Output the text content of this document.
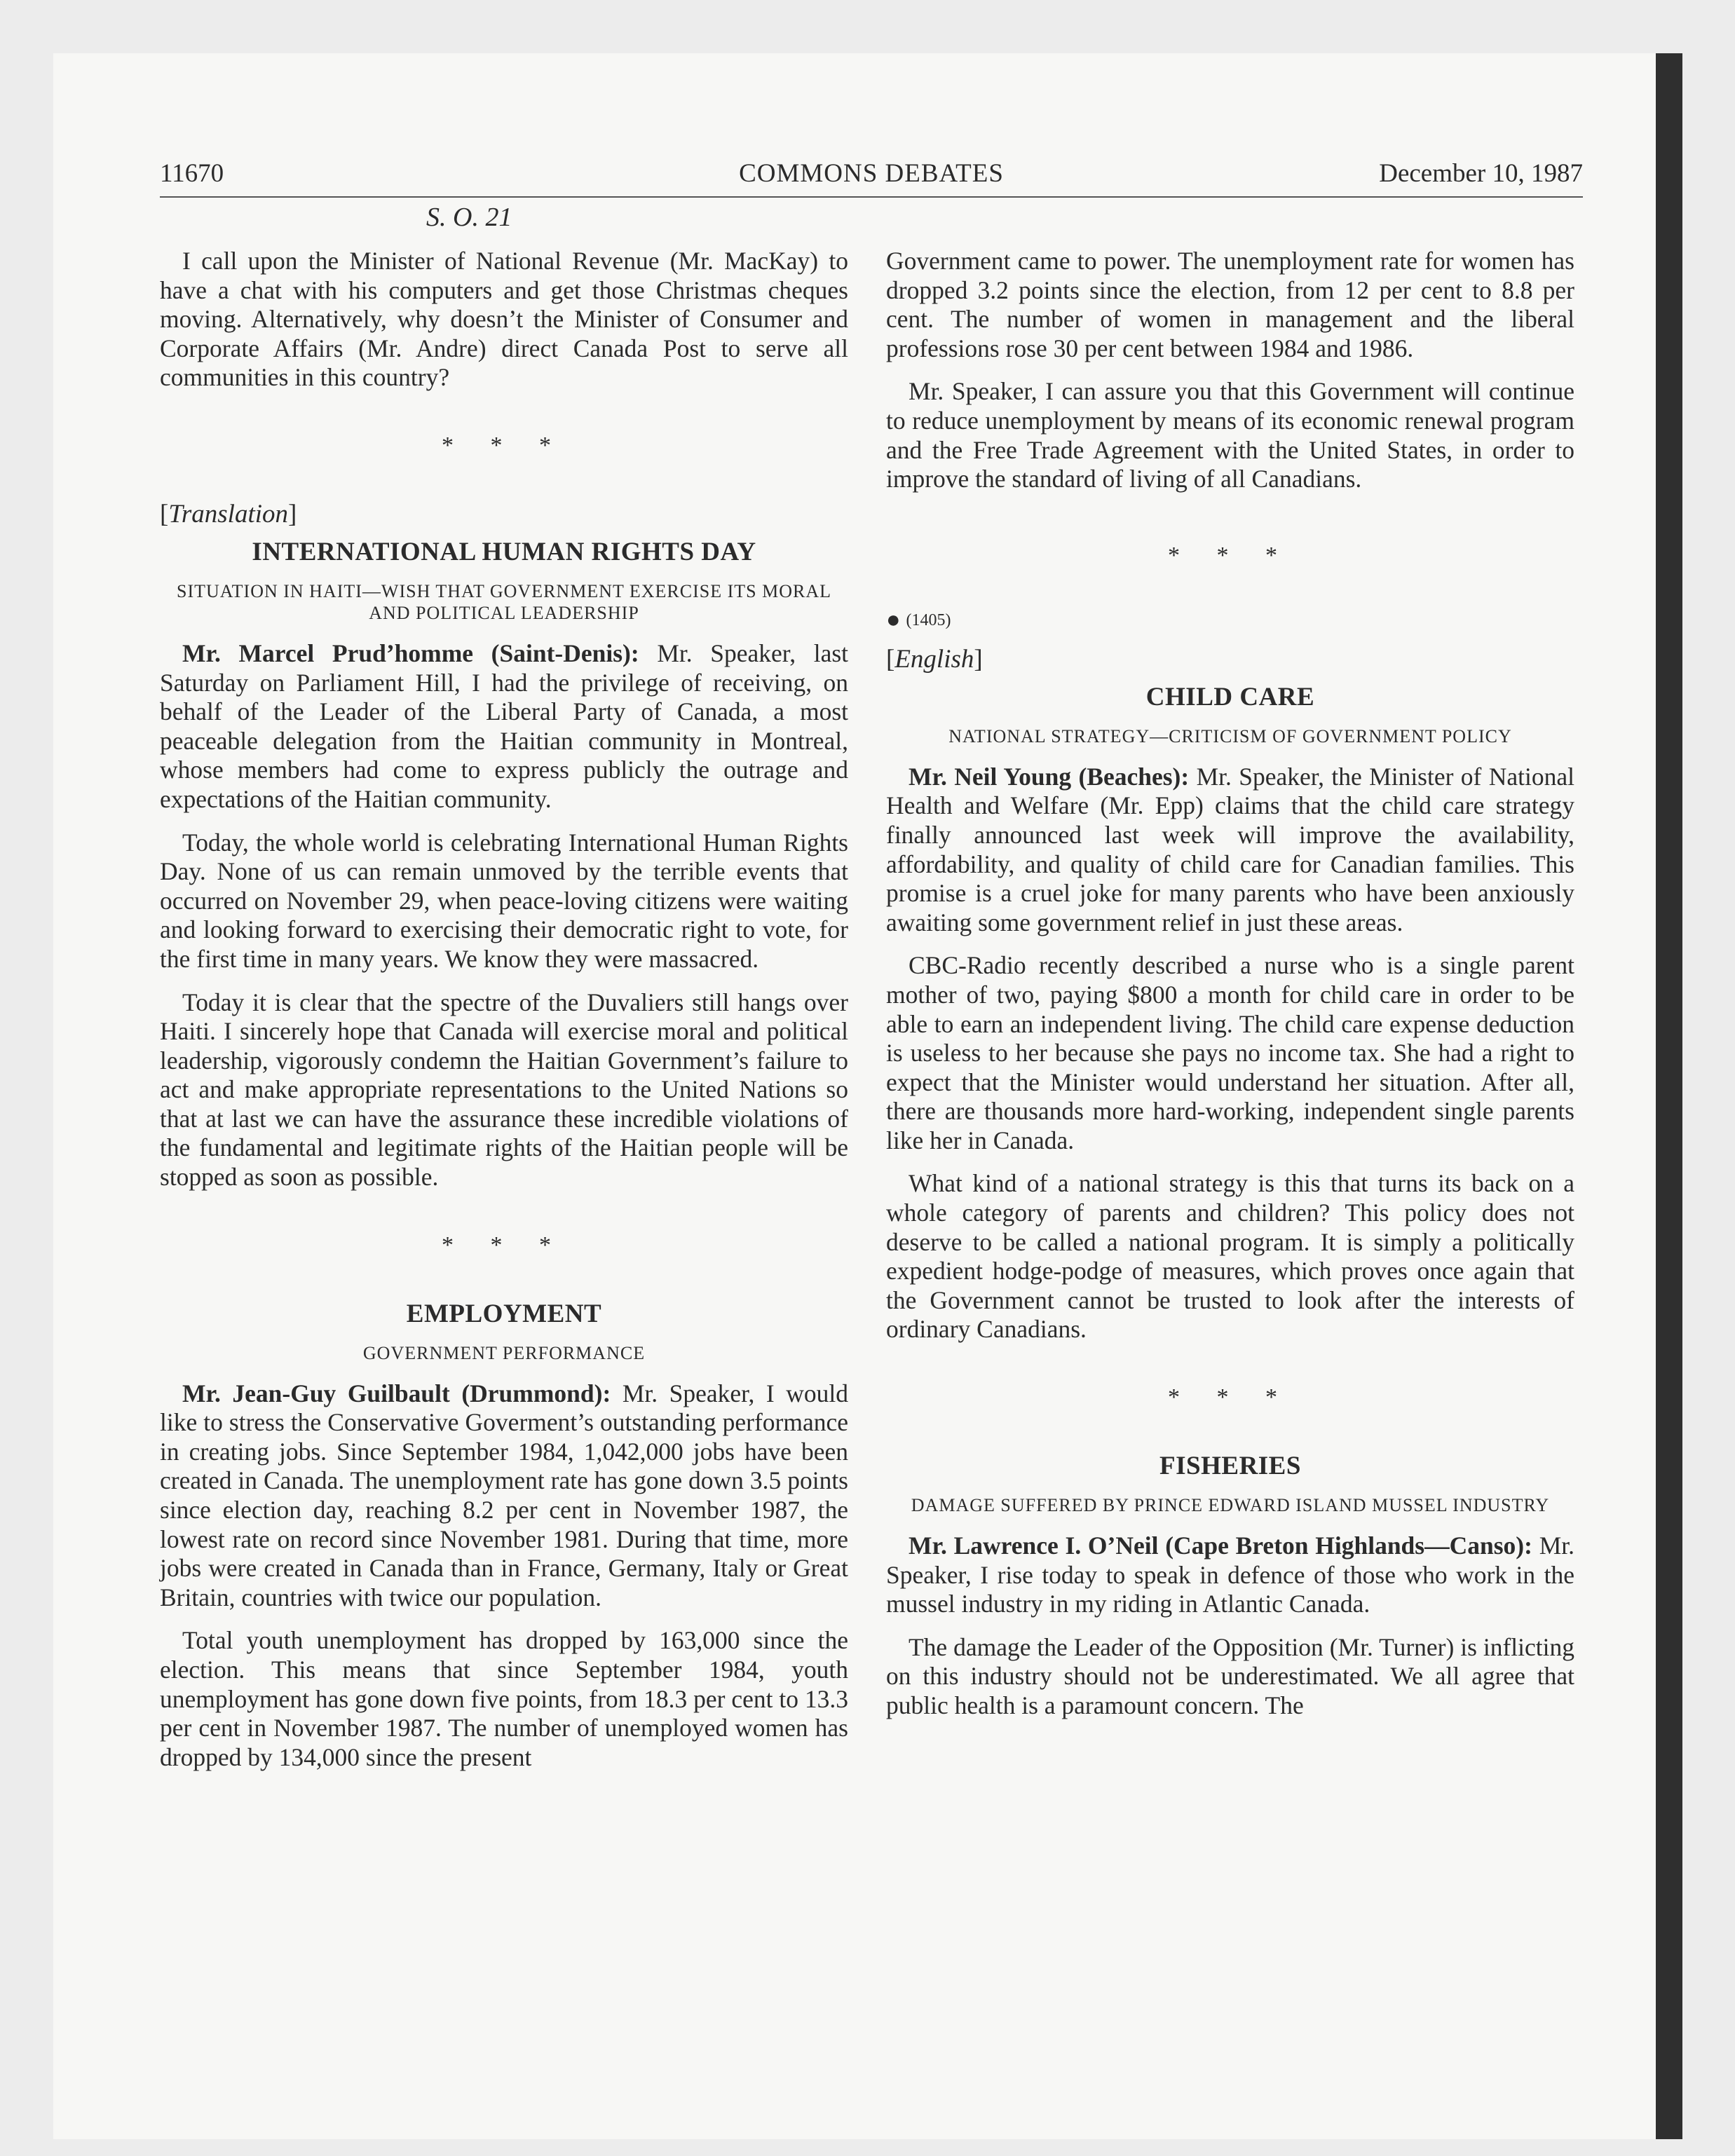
11670	COMMONS DEBATES	December 10, 1987
S. O. 21

I call upon the Minister of National Revenue (Mr. MacKay) to have a chat with his computers and get those Christmas cheques moving. Alternatively, why doesn’t the Minister of Consumer and Corporate Affairs (Mr. Andre) direct Canada Post to serve all communities in this country?

* * *
[Translation]
INTERNATIONAL HUMAN RIGHTS DAY
SITUATION IN HAITI—WISH THAT GOVERNMENT EXERCISE ITS MORAL AND POLITICAL LEADERSHIP

Mr. Marcel Prud’homme (Saint-Denis): Mr. Speaker, last Saturday on Parliament Hill, I had the privilege of receiving, on behalf of the Leader of the Liberal Party of Canada, a most peaceable delegation from the Haitian community in Montreal, whose members had come to express publicly the outrage and expectations of the Haitian community.

Today, the whole world is celebrating International Human Rights Day. None of us can remain unmoved by the terrible events that occurred on November 29, when peace-loving citizens were waiting and looking forward to exercising their democratic right to vote, for the first time in many years. We know they were massacred.

Today it is clear that the spectre of the Duvaliers still hangs over Haiti. I sincerely hope that Canada will exercise moral and political leadership, vigorously condemn the Haitian Government’s failure to act and make appropriate representations to the United Nations so that at last we can have the assurance these incredible violations of the fundamental and legitimate rights of the Haitian people will be stopped as soon as possible.

* * *
EMPLOYMENT
GOVERNMENT PERFORMANCE

Mr. Jean-Guy Guilbault (Drummond): Mr. Speaker, I would like to stress the Conservative Goverment’s outstanding performance in creating jobs. Since September 1984, 1,042,000 jobs have been created in Canada. The unemployment rate has gone down 3.5 points since election day, reaching 8.2 per cent in November 1987, the lowest rate on record since November 1981. During that time, more jobs were created in Canada than in France, Germany, Italy or Great Britain, countries with twice our population.

Total youth unemployment has dropped by 163,000 since the election. This means that since September 1984, youth unemployment has gone down five points, from 18.3 per cent to 13.3 per cent in November 1987. The number of unemployed women has dropped by 134,000 since the present

Government came to power. The unemployment rate for women has dropped 3.2 points since the election, from 12 per cent to 8.8 per cent. The number of women in management and the liberal professions rose 30 per cent between 1984 and 1986.

Mr. Speaker, I can assure you that this Government will continue to reduce unemployment by means of its economic renewal program and the Free Trade Agreement with the United States, in order to improve the standard of living of all Canadians.

* * *
● (1405)
[English]
CHILD CARE
NATIONAL STRATEGY—CRITICISM OF GOVERNMENT POLICY

Mr. Neil Young (Beaches): Mr. Speaker, the Minister of National Health and Welfare (Mr. Epp) claims that the child care strategy finally announced last week will improve the availability, affordability, and quality of child care for Canadian families. This promise is a cruel joke for many parents who have been anxiously awaiting some government relief in just these areas.

CBC-Radio recently described a nurse who is a single parent mother of two, paying $800 a month for child care in order to be able to earn an independent living. The child care expense deduction is useless to her because she pays no income tax. She had a right to expect that the Minister would understand her situation. After all, there are thousands more hard-working, independent single parents like her in Canada.

What kind of a national strategy is this that turns its back on a whole category of parents and children? This policy does not deserve to be called a national program. It is simply a politically expedient hodge-podge of measures, which proves once again that the Government cannot be trusted to look after the interests of ordinary Canadians.

* * *
FISHERIES
DAMAGE SUFFERED BY PRINCE EDWARD ISLAND MUSSEL INDUSTRY

Mr. Lawrence I. O’Neil (Cape Breton Highlands—Canso): Mr. Speaker, I rise today to speak in defence of those who work in the mussel industry in my riding in Atlantic Canada.

The damage the Leader of the Opposition (Mr. Turner) is inflicting on this industry should not be underestimated. We all agree that public health is a paramount concern. The
